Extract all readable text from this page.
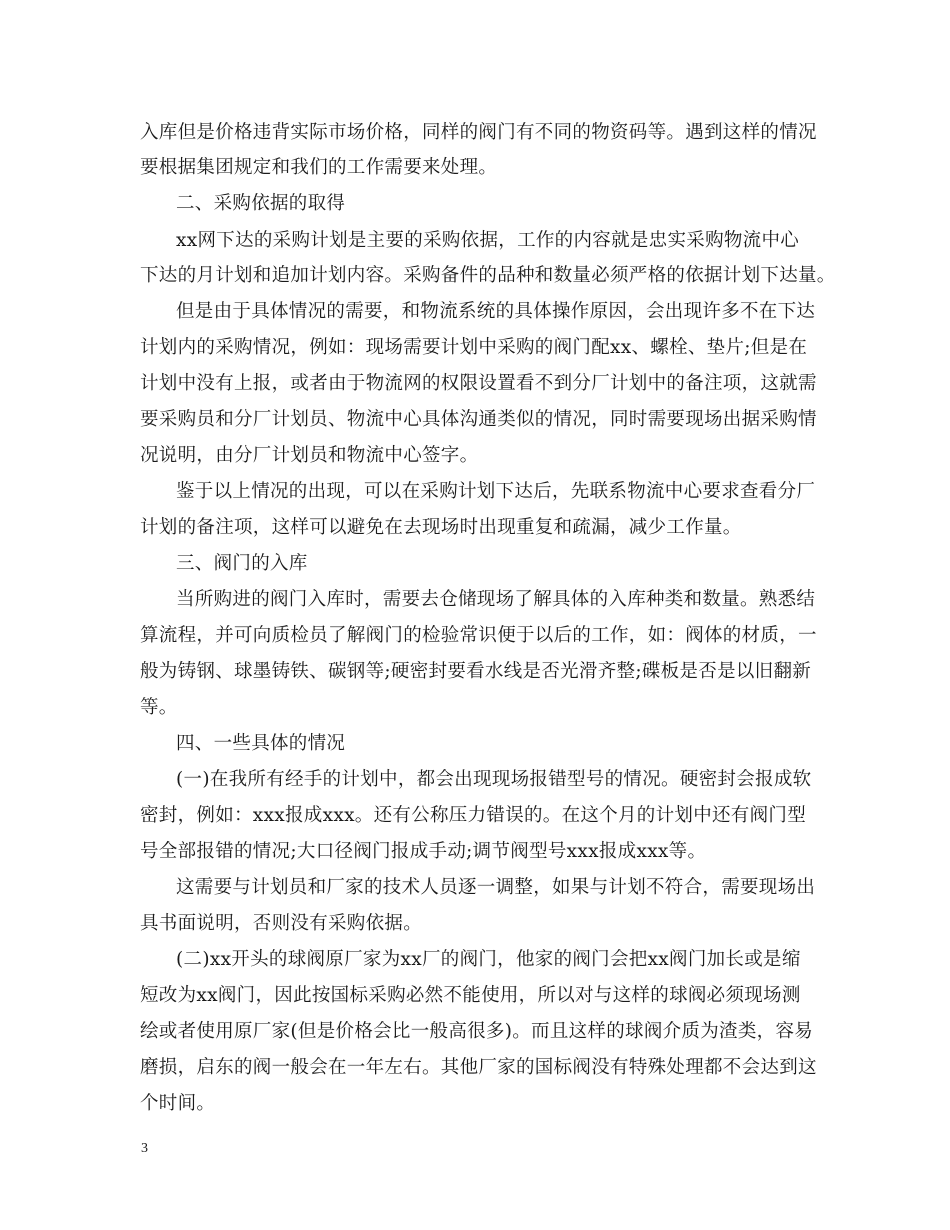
入库但是价格违背实际市场价格，同样的阀门有不同的物资码等。遇到这样的情况
要根据集团规定和我们的工作需要来处理。
二、采购依据的取得
xx网下达的采购计划是主要的采购依据，工作的内容就是忠实采购物流中心
下达的月计划和追加计划内容。采购备件的品种和数量必须严格的依据计划下达量。
但是由于具体情况的需要，和物流系统的具体操作原因，会出现许多不在下达
计划内的采购情况，例如：现场需要计划中采购的阀门配xx、螺栓、垫片;但是在
计划中没有上报，或者由于物流网的权限设置看不到分厂计划中的备注项，这就需
要采购员和分厂计划员、物流中心具体沟通类似的情况，同时需要现场出据采购情
况说明，由分厂计划员和物流中心签字。
鉴于以上情况的出现，可以在采购计划下达后，先联系物流中心要求查看分厂
计划的备注项，这样可以避免在去现场时出现重复和疏漏，减少工作量。
三、阀门的入库
当所购进的阀门入库时，需要去仓储现场了解具体的入库种类和数量。熟悉结
算流程，并可向质检员了解阀门的检验常识便于以后的工作，如：阀体的材质，一
般为铸钢、球墨铸铁、碳钢等;硬密封要看水线是否光滑齐整;碟板是否是以旧翻新
等。
四、一些具体的情况
(一)在我所有经手的计划中，都会出现现场报错型号的情况。硬密封会报成软
密封，例如：xxx报成xxx。还有公称压力错误的。在这个月的计划中还有阀门型
号全部报错的情况;大口径阀门报成手动;调节阀型号xxx报成xxx等。
这需要与计划员和厂家的技术人员逐一调整，如果与计划不符合，需要现场出
具书面说明，否则没有采购依据。
(二)xx开头的球阀原厂家为xx厂的阀门，他家的阀门会把xx阀门加长或是缩
短改为xx阀门，因此按国标采购必然不能使用，所以对与这样的球阀必须现场测
绘或者使用原厂家(但是价格会比一般高很多)。而且这样的球阀介质为渣类，容易
磨损，启东的阀一般会在一年左右。其他厂家的国标阀没有特殊处理都不会达到这
个时间。
3
